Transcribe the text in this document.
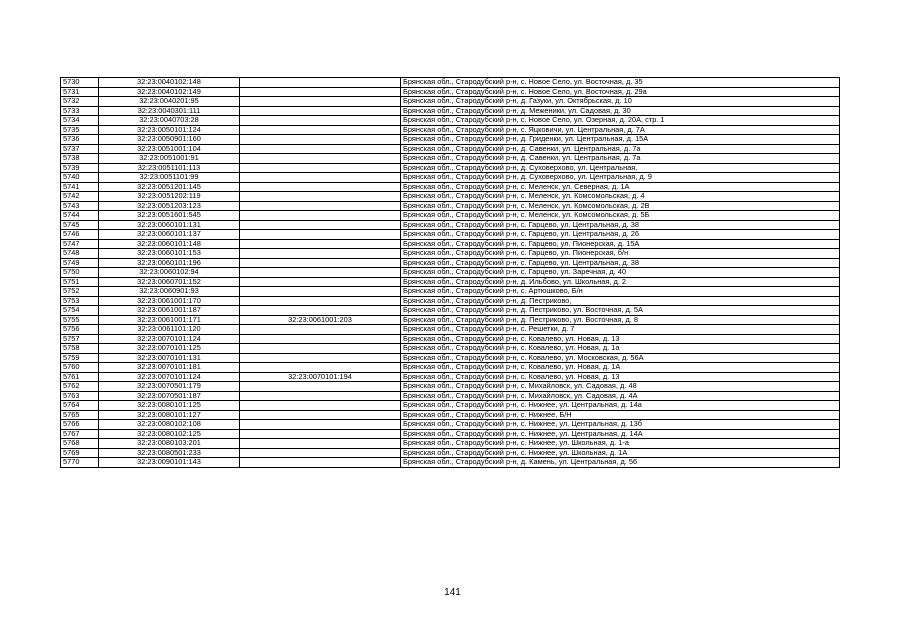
5730	32:23:0040102:148		Брянская обл., Стародубский р-н, с. Новое Село, ул. Восточная, д. 35
5731	32:23:0040102:149		Брянская обл., Стародубский р-н, с. Новое Село, ул. Восточная, д. 29а
5732	32:23:0040201:95		Брянская обл., Стародубский р-н, д. Газуки, ул. Октябрьская, д. 10
5733	32:23:0040301:111		Брянская обл., Стародубский р-н, д. Меженики, ул. Садовая, д. 30
5734	32:23:0040703:28		Брянская обл., Стародубский р-н, с. Новое Село, ул. Озерная, д. 20А, стр. 1
5735	32:23:0050101:124		Брянская обл., Стародубский р-н, с. Яцковичи, ул. Центральная, д. 7А
5736	32:23:0050901:160		Брянская обл., Стародубский р-н, д. Гриденки, ул. Центральная, д. 15А
5737	32:23:0051001:104		Брянская обл., Стародубский р-н, д. Савенки, ул. Центральная, д. 7а
5738	32:23:0051001:91		Брянская обл., Стародубский р-н, д. Савенки, ул. Центральная, д. 7а
5739	32:23:0051101:113		Брянская обл., Стародубский р-н, д. Суховерхово, ул. Центральная,
5740	32:23:0051101:99		Брянская обл., Стародубский р-н, д. Суховерхово, ул. Центральная, д. 9
5741	32:23:0051201:145		Брянская обл., Стародубский р-н, с. Меленск, ул. Северная, д. 1А
5742	32:23:0051202:119		Брянская обл., Стародубский р-н, с. Меленск, ул. Комсомольская, д. 4
5743	32:23:0051203:123		Брянская обл., Стародубский р-н, с. Меленск, ул. Комсомольская, д. 2В
5744	32:23:0051601:545		Брянская обл., Стародубский р-н, с. Меленск, ул. Комсомольская, д. 5Б
5745	32:23:0060101:131		Брянская обл., Стародубский р-н, с. Гарцево, ул. Центральная, д. 38
5746	32:23:0060101:137		Брянская обл., Стародубский р-н, с. Гарцево, ул. Центральная, д. 26
5747	32:23:0060101:148		Брянская обл., Стародубский р-н, с. Гарцево, ул. Пионерская, д. 15А
5748	32:23:0060101:153		Брянская обл., Стародубский р-н, с. Гарцево, ул. Пионерская, б/н
5749	32:23:0060101:196		Брянская обл., Стародубский р-н, с. Гарцево, ул. Центральная, д. 38
5750	32:23:0060102:94		Брянская обл., Стародубский р-н, с. Гарцево, ул. Заречная, д. 40
5751	32:23:0060701:152		Брянская обл., Стародубский р-н, д. Ильбово, ул. Школьная, д. 2
5752	32:23:0060901:93		Брянская обл., Стародубский р-н, с. Артюшково, Б/н
5753	32:23:0061001:170		Брянская обл., Стародубский р-н, д. Пестриково,
5754	32:23:0061001:187		Брянская обл., Стародубский р-н, д. Пестриково, ул. Восточная, д. 5А
5755	32:23:0061001:171	32:23:0061001:203	Брянская обл., Стародубский р-н, д. Пестриково, ул. Восточная, д. 8
5756	32:23:0061101:120		Брянская обл., Стародубский р-н, с. Решетки, д. 7
5757	32:23:0070101:124		Брянская обл., Стародубский р-н, с. Ковалево, ул. Новая, д. 13
5758	32:23:0070101:125		Брянская обл., Стародубский р-н, с. Ковалево, ул. Новая, д. 1а
5759	32:23:0070101:131		Брянская обл., Стародубский р-н, с. Ковалево, ул. Московская, д. 56А
5760	32:23:0070101:181		Брянская обл., Стародубский р-н, с. Ковалево, ул. Новая, д. 1А
5761	32:23:0070101:124	32:23:0070101:194	Брянская обл., Стародубский р-н, с. Ковалево, ул. Новая, д. 13
5762	32:23:0070501:179		Брянская обл., Стародубский р-н, с. Михайловск, ул. Садовая, д. 48
5763	32:23:0070501:187		Брянская обл., Стародубский р-н, с. Михайловск, ул. Садовая, д. 4А
5764	32:23:0080101:125		Брянская обл., Стародубский р-н, с. Нижнее, ул. Центральная, д. 14а
5765	32:23:0080101:127		Брянская обл., Стародубский р-н, с. Нижнее, Б/Н
5766	32:23:0080102:108		Брянская обл., Стародубский р-н, с. Нижнее, ул. Центральная, д. 13б
5767	32:23:0080102:125		Брянская обл., Стародубский р-н, с. Нижнее, ул. Центральная, д. 14А
5768	32:23:0080103:201		Брянская обл., Стародубский р-н, с. Нижнее, ул. Школьная, д. 1-а
5769	32:23:0080501:233		Брянская обл., Стародубский р-н, с. Нижнее, ул. Школьная, д. 1А
5770	32:23:0090101:143		Брянская обл., Стародубский р-н, д. Камень, ул. Центральная, д. 56
141
